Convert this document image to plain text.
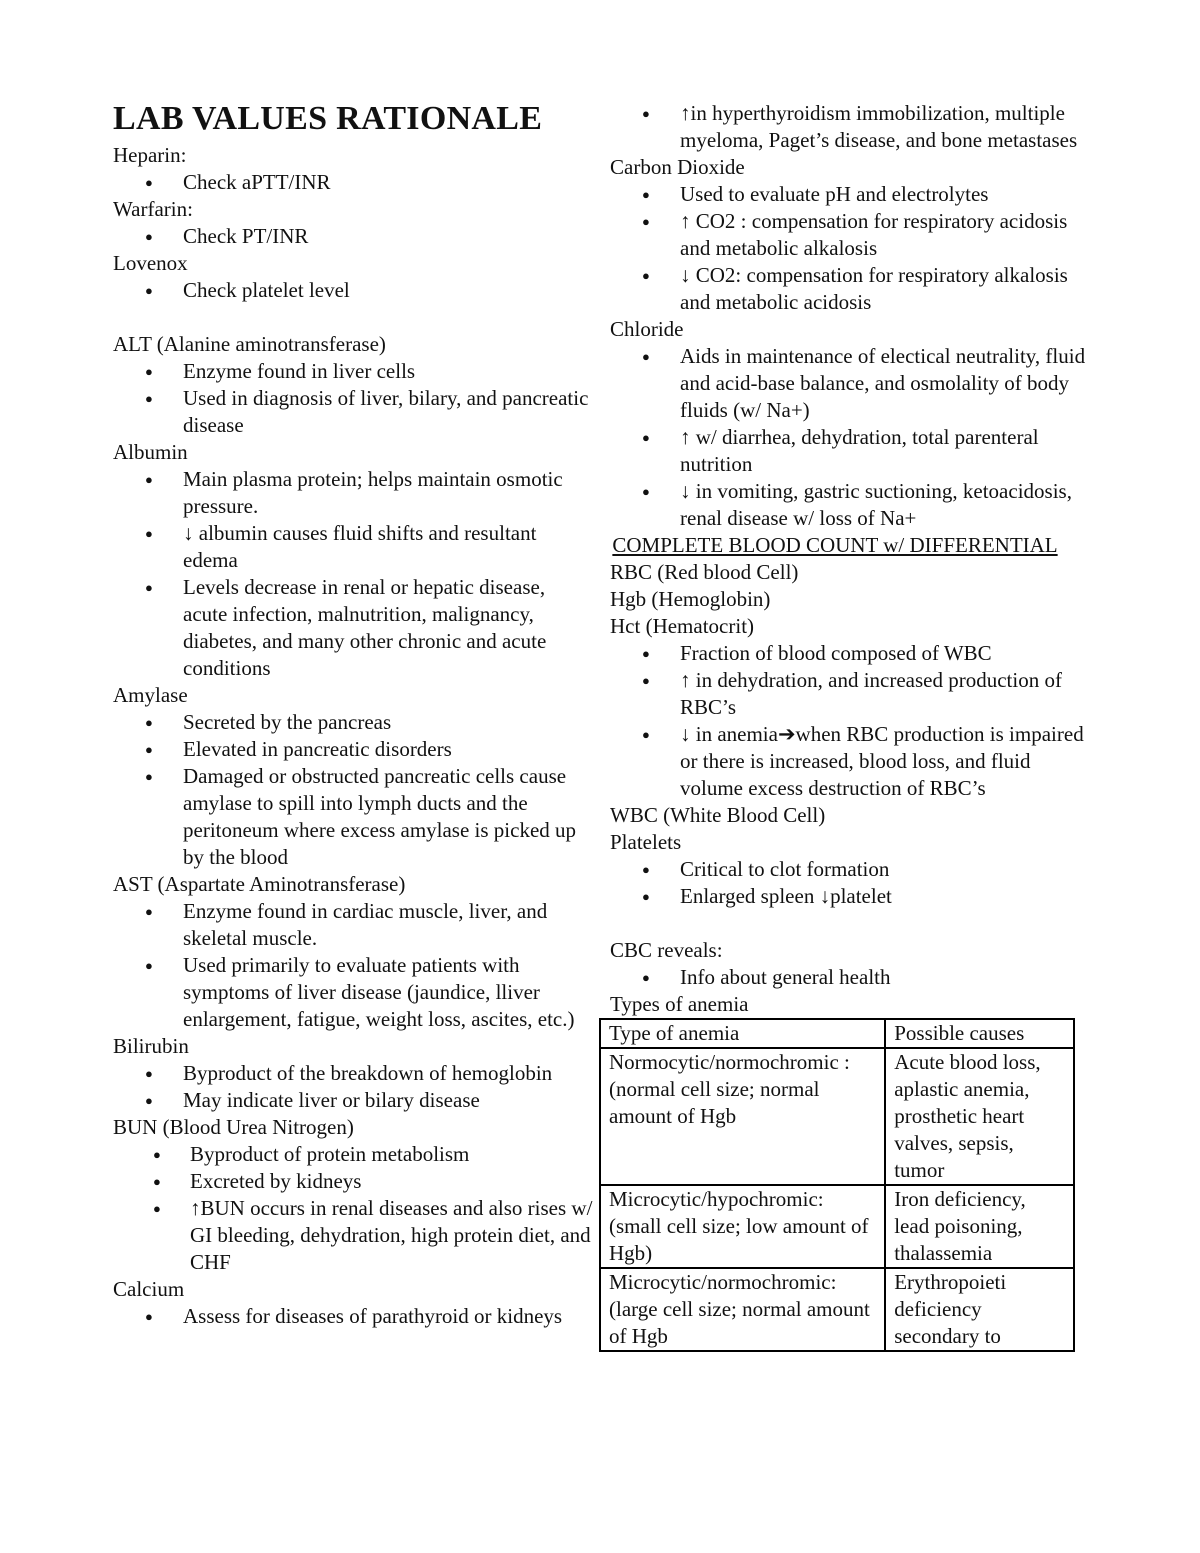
LAB VALUES RATIONALE
Heparin:
● Check aPTT/INR
Warfarin:
● Check PT/INR
Lovenox
● Check platelet level
ALT (Alanine aminotransferase)
● Enzyme found in liver cells
● Used in diagnosis of liver, bilary, and pancreatic disease
Albumin
● Main plasma protein; helps maintain osmotic pressure.
● ↓ albumin causes fluid shifts and resultant edema
● Levels decrease in renal or hepatic disease, acute infection, malnutrition, malignancy, diabetes, and many other chronic and acute conditions
Amylase
● Secreted by the pancreas
● Elevated in pancreatic disorders
● Damaged or obstructed pancreatic cells cause amylase to spill into lymph ducts and the peritoneum where excess amylase is picked up by the blood
AST (Aspartate Aminotransferase)
● Enzyme found in cardiac muscle, liver, and skeletal muscle.
● Used primarily to evaluate patients with symptoms of liver disease (jaundice, lliver enlargement, fatigue, weight loss, ascites, etc.)
Bilirubin
● Byproduct of the breakdown of hemoglobin
● May indicate liver or bilary disease
BUN (Blood Urea Nitrogen)
● Byproduct of protein metabolism
● Excreted by kidneys
● ↑BUN occurs in renal diseases and also rises w/ GI bleeding, dehydration, high protein diet, and CHF
Calcium
● Assess for diseases of parathyroid or kidneys
● ↑in hyperthyroidism immobilization, multiple myeloma, Paget’s disease, and bone metastases
Carbon Dioxide
● Used to evaluate pH and electrolytes
● ↑ CO2 : compensation for respiratory acidosis and metabolic alkalosis
● ↓ CO2: compensation for respiratory alkalosis and metabolic acidosis
Chloride
● Aids in maintenance of electical neutrality, fluid and acid-base balance, and osmolality of body fluids (w/ Na+)
● ↑ w/ diarrhea, dehydration, total parenteral nutrition
● ↓ in vomiting, gastric suctioning, ketoacidosis, renal disease w/ loss of Na+
COMPLETE BLOOD COUNT w/ DIFFERENTIAL
RBC (Red blood Cell)
Hgb (Hemoglobin)
Hct (Hematocrit)
● Fraction of blood composed of WBC
● ↑ in dehydration, and increased production of RBC’s
● ↓ in anemia➔when RBC production is impaired or there is increased, blood loss, and fluid volume excess destruction of RBC’s
WBC (White Blood Cell)
Platelets
● Critical to clot formation
● Enlarged spleen ↓platelet
CBC reveals:
● Info about general health
Types of anemia
Type of anemia	Possible causes

Normocytic/normochromic :
(normal cell size; normal amount of Hgb	Acute blood loss, aplastic anemia, prosthetic heart valves, sepsis, tumor

Microcytic/hypochromic:
(small cell size; low amount of Hgb)	Iron deficiency, lead poisoning, thalassemia

Microcytic/normochromic:
(large cell size; normal amount of Hgb	Erythropoieti deficiency secondary to
